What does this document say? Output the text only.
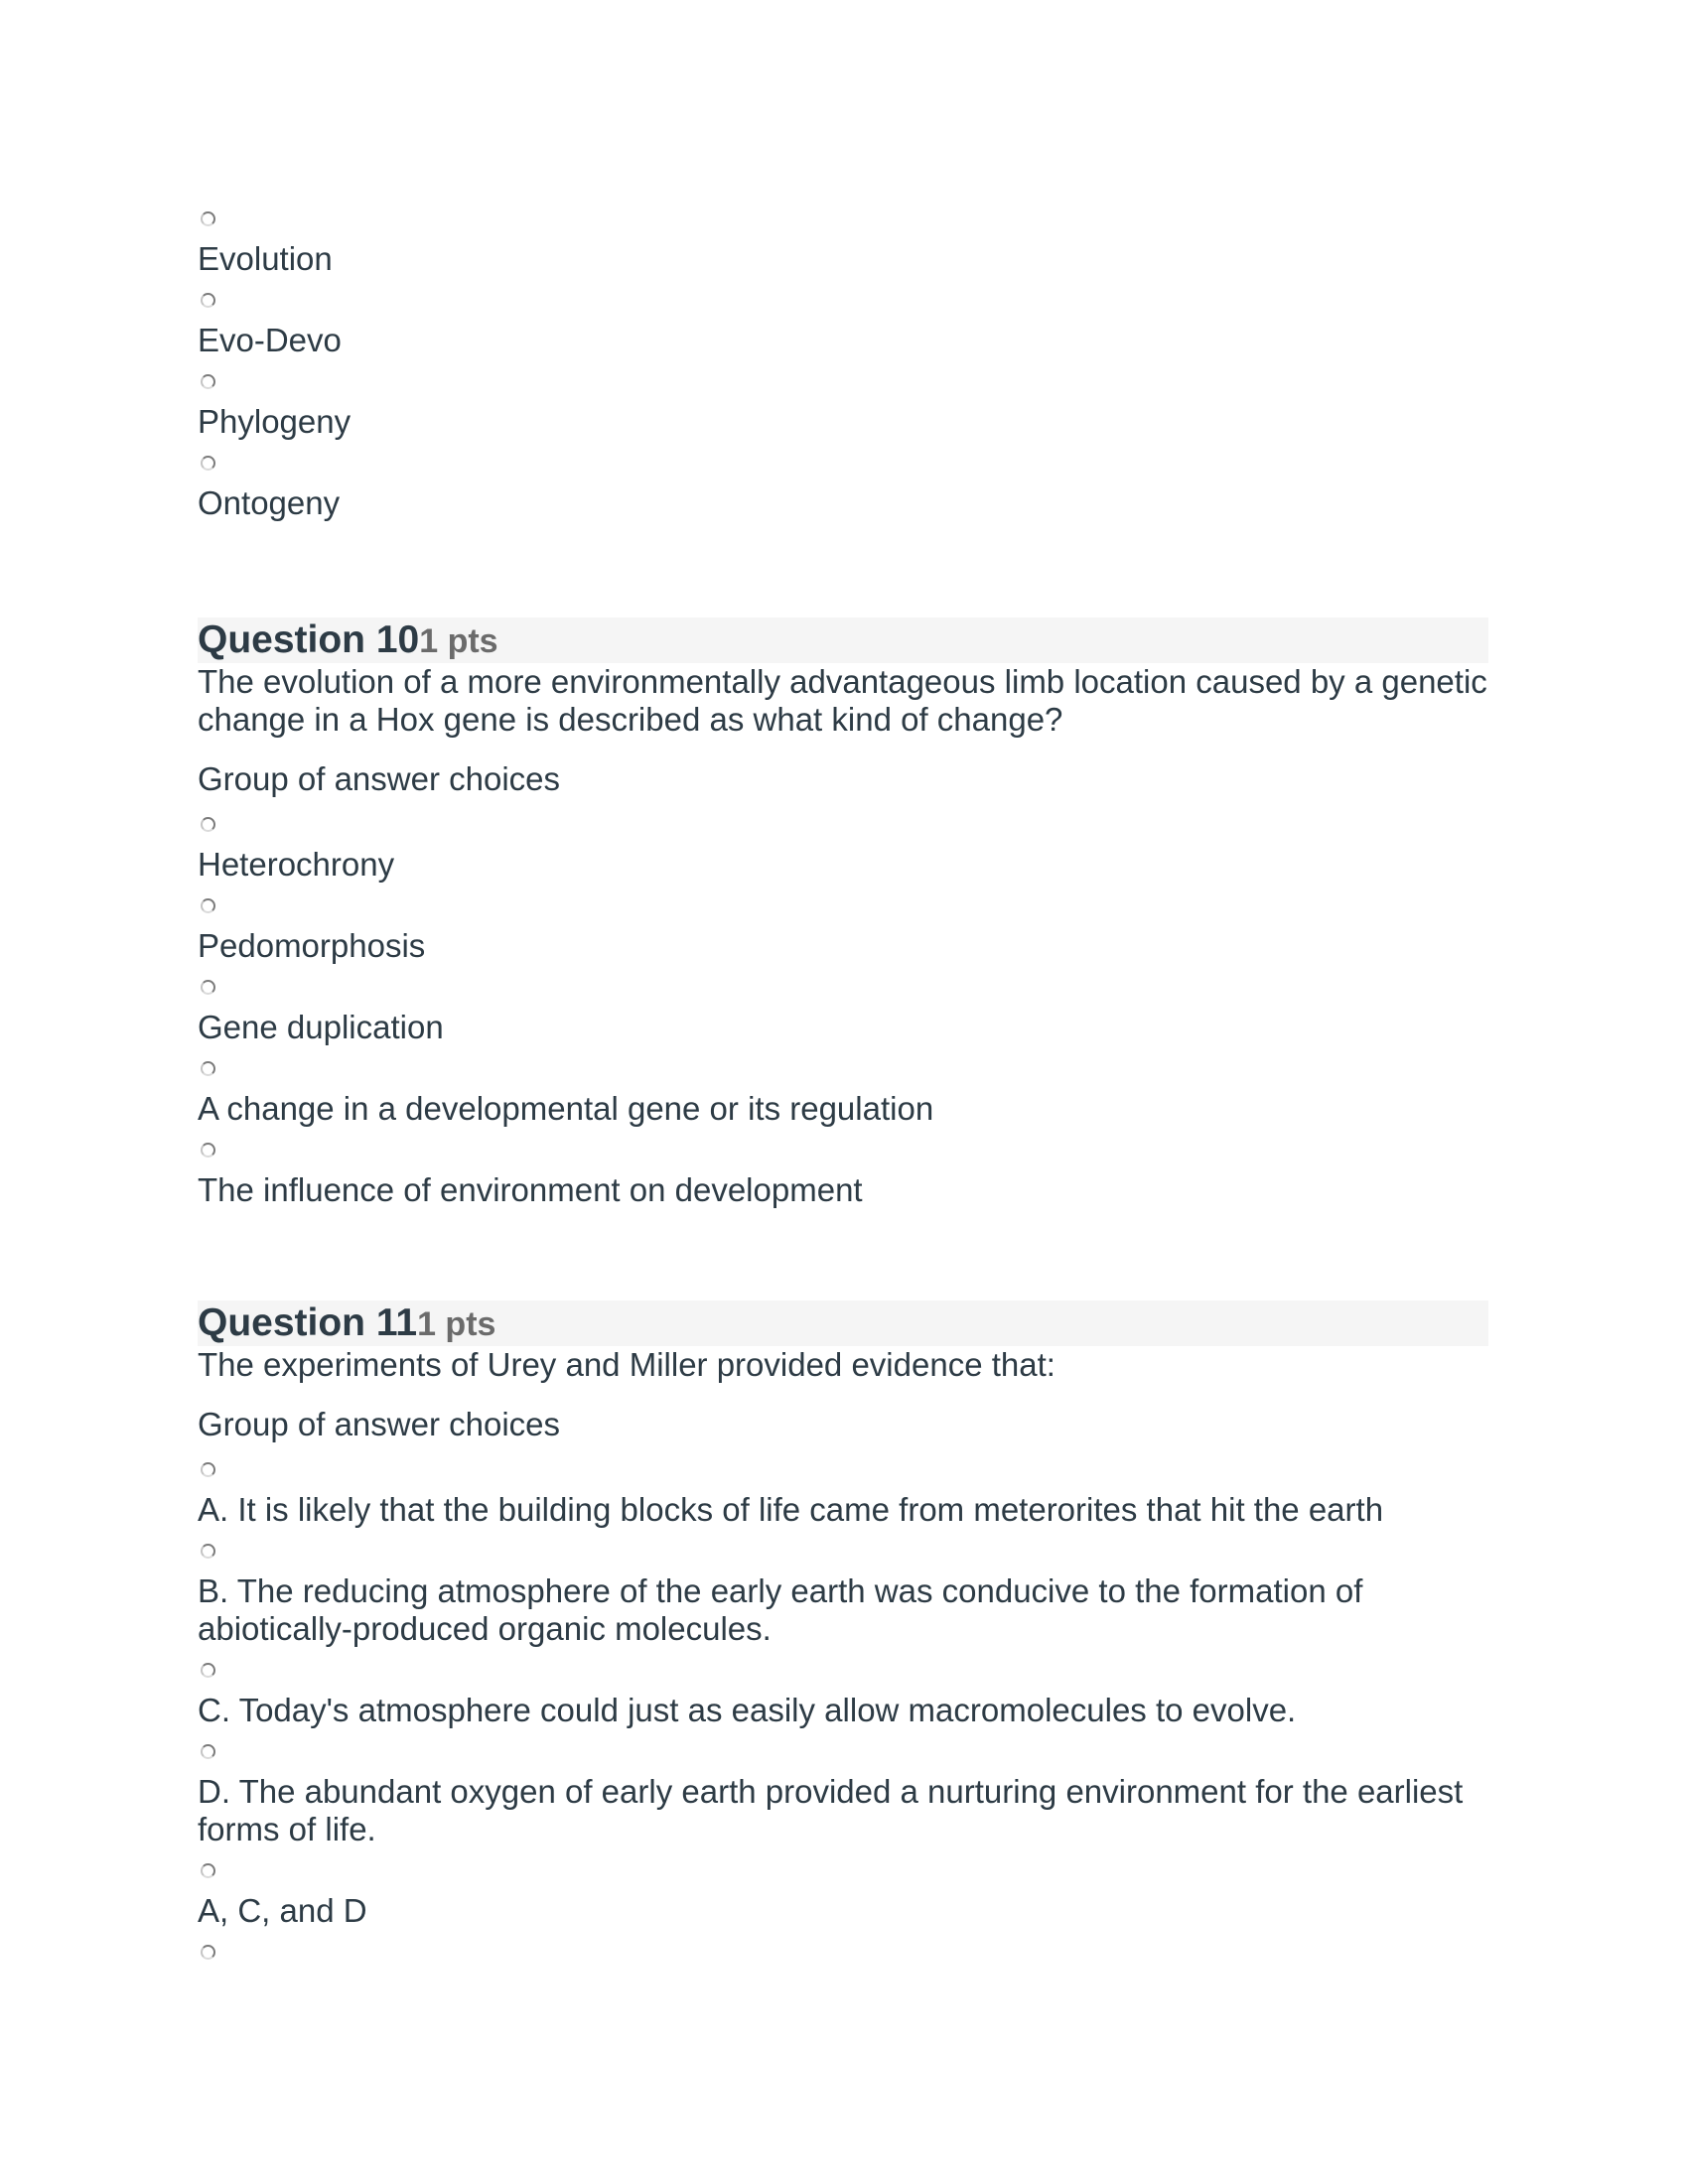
Evolution
Evo-Devo
Phylogeny
Ontogeny
Question 10 1 pts
The evolution of a more environmentally advantageous limb location caused by a genetic change in a Hox gene is described as what kind of change?
Group of answer choices
Heterochrony
Pedomorphosis
Gene duplication
A change in a developmental gene or its regulation
The influence of environment on development
Question 11 1 pts
The experiments of Urey and Miller provided evidence that:
Group of answer choices
A. It is likely that the building blocks of life came from meterorites that hit the earth
B. The reducing atmosphere of the early earth was conducive to the formation of abiotically-produced organic molecules.
C. Today's atmosphere could just as easily allow macromolecules to evolve.
D. The abundant oxygen of early earth provided a nurturing environment for the earliest forms of life.
A, C, and D
